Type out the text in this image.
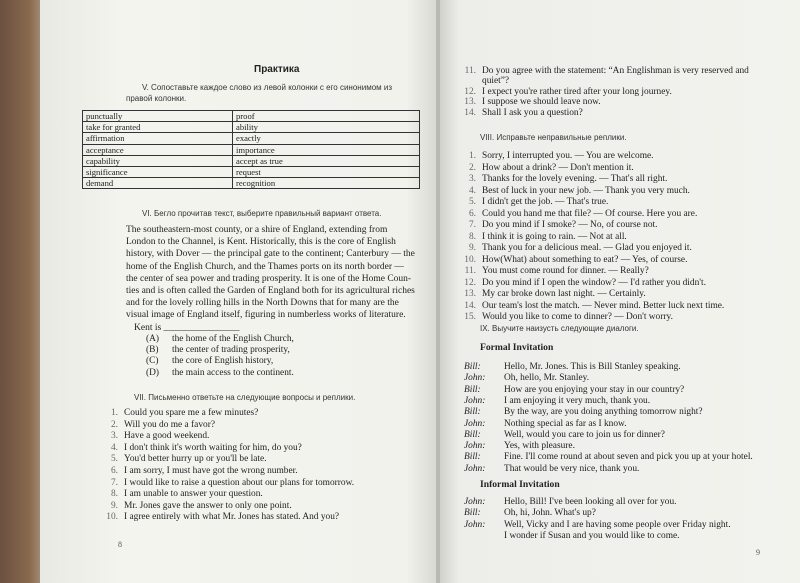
Практика
V. Сопоставьте каждое слово из левой колонки с его синонимом из
правой колонки.
punctually	proof
take for granted	ability
affirmation	exactly
acceptance	importance
capability	accept as true
significance	request
demand	recognition
VI. Бегло прочитав текст, выберите правильный вариант ответа.
The southeastern-most county, or a shire of England, extending from
London to the Channel, is Kent. Historically, this is the core of English
history, with Dover — the principal gate to the continent; Canterbury — the
home of the English Church, and the Thames ports on its north border —
the center of sea power and trading prosperity. It is one of the Home Coun-
ties and is often called the Garden of England both for its agricultural riches
and for the lovely rolling hills in the North Downs that for many are the
visual image of England itself, figuring in numberless works of literature.
Kent is ________________
(A) the home of the English Church,
(B) the center of trading prosperity,
(C) the core of English history,
(D) the main access to the continent.
VII. Письменно ответьте на следующие вопросы и реплики.
1. Could you spare me a few minutes?
2. Will you do me a favor?
3. Have a good weekend.
4. I don't think it's worth waiting for him, do you?
5. You'd better hurry up or you'll be late.
6. I am sorry, I must have got the wrong number.
7. I would like to raise a question about our plans for tomorrow.
8. I am unable to answer your question.
9. Mr. Jones gave the answer to only one point.
10. I agree entirely with what Mr. Jones has stated. And you?
8
11. Do you agree with the statement: “An Englishman is very reserved and
quiet”?
12. I expect you're rather tired after your long journey.
13. I suppose we should leave now.
14. Shall I ask you a question?
VIII. Исправьте неправильные реплики.
1. Sorry, I interrupted you. — You are welcome.
2. How about a drink? — Don't mention it.
3. Thanks for the lovely evening. — That's all right.
4. Best of luck in your new job. — Thank you very much.
5. I didn't get the job. — That's true.
6. Could you hand me that file? — Of course. Here you are.
7. Do you mind if I smoke? — No, of course not.
8. I think it is going to rain. — Not at all.
9. Thank you for a delicious meal. — Glad you enjoyed it.
10. How(What) about something to eat? — Yes, of course.
11. You must come round for dinner. — Really?
12. Do you mind if I open the window? — I'd rather you didn't.
13. My car broke down last night. — Certainly.
14. Our team's lost the match. — Never mind. Better luck next time.
15. Would you like to come to dinner? — Don't worry.
IX. Выучите наизусть следующие диалоги.
Formal Invitation
Bill: Hello, Mr. Jones. This is Bill Stanley speaking.
John: Oh, hello, Mr. Stanley.
Bill: How are you enjoying your stay in our country?
John: I am enjoying it very much, thank you.
Bill: By the way, are you doing anything tomorrow night?
John: Nothing special as far as I know.
Bill: Well, would you care to join us for dinner?
John: Yes, with pleasure.
Bill: Fine. I'll come round at about seven and pick you up at your hotel.
John: That would be very nice, thank you.
Informal Invitation
John: Hello, Bill! I've been looking all over for you.
Bill: Oh, hi, John. What's up?
John: Well, Vicky and I are having some people over Friday night.
I wonder if Susan and you would like to come.
9
